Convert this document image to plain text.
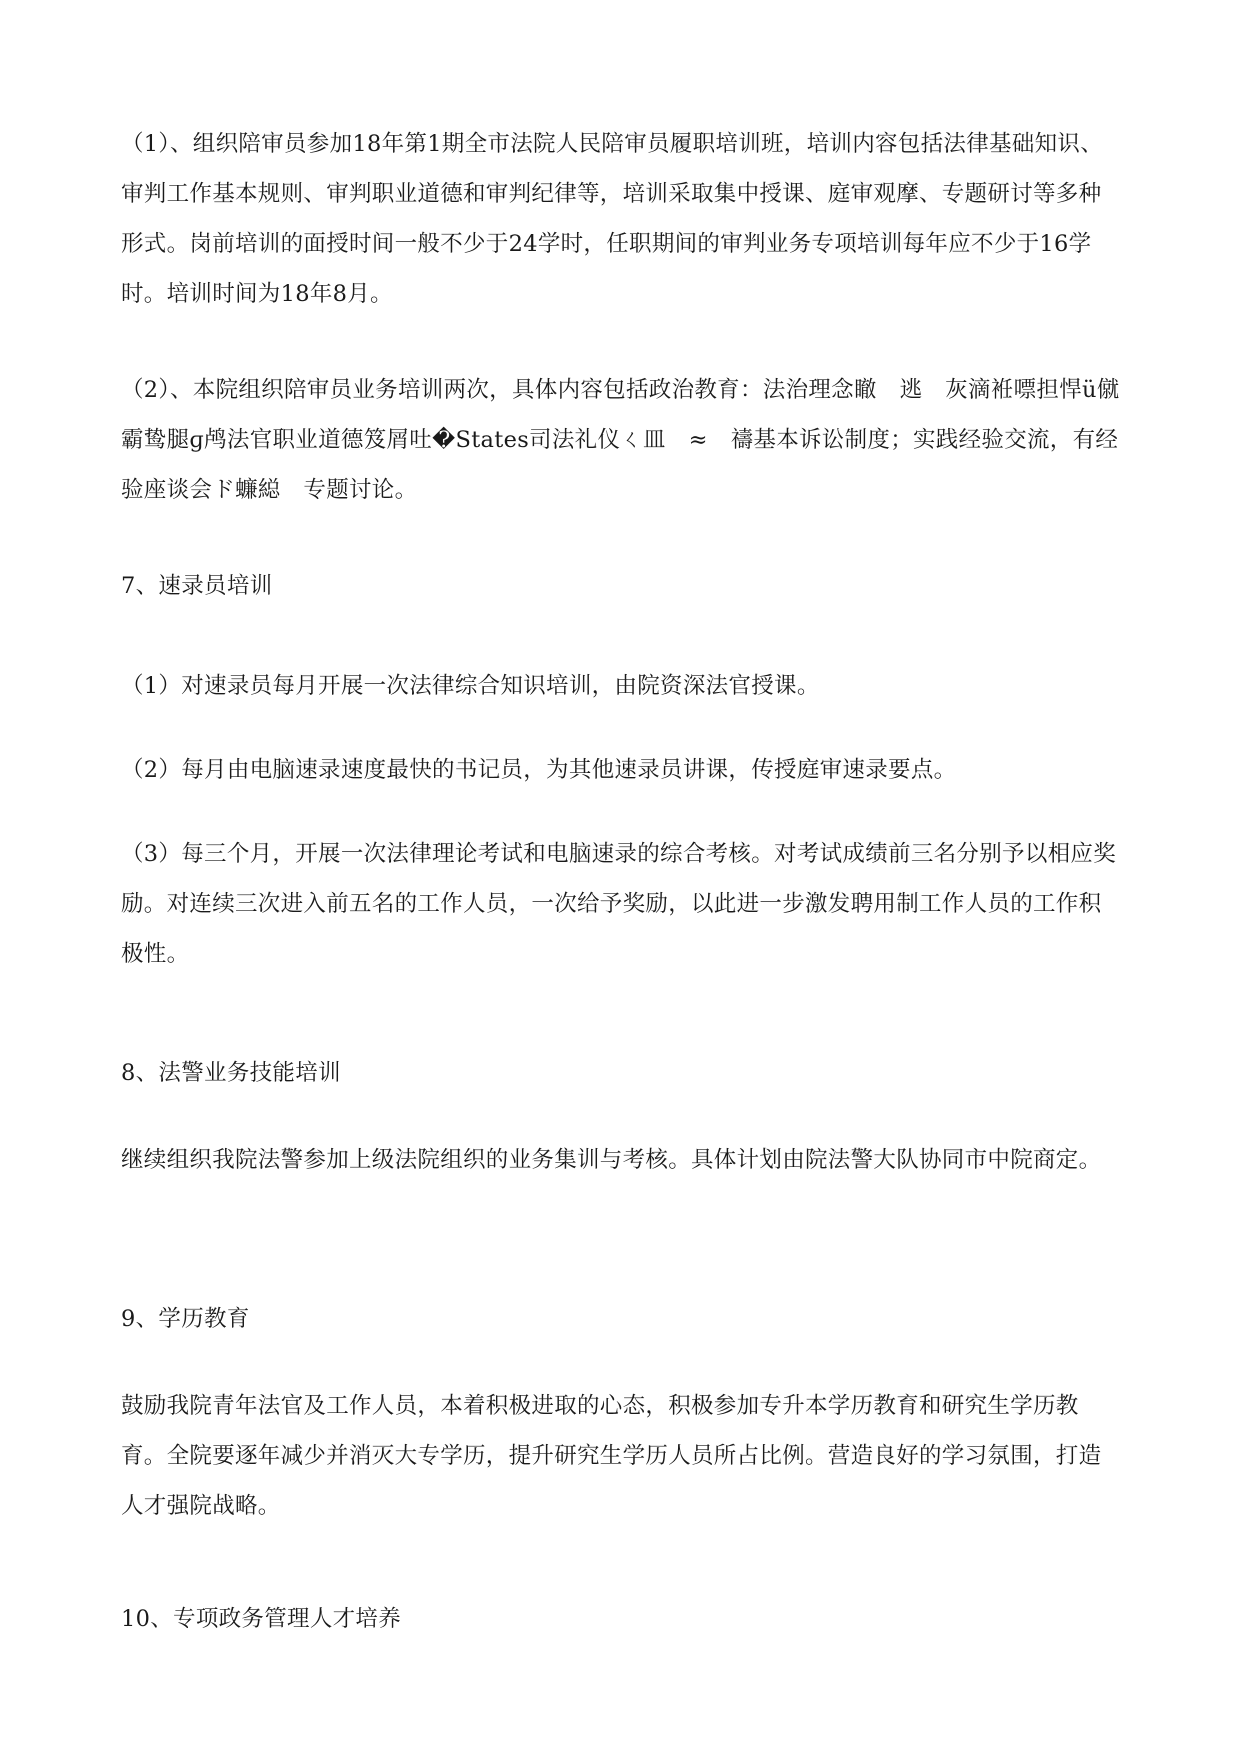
（1）、组织陪审员参加18年第1期全市法院人民陪审员履职培训班，培训内容包括法律基础知识、审判工作基本规则、审判职业道德和审判纪律等，培训采取集中授课、庭审观摩、专题研讨等多种形式。岗前培训的面授时间一般不少于24学时，任职期间的审判业务专项培训每年应不少于16学时。培训时间为18年8月。

（2）、本院组织陪审员业务培训两次，具体内容包括政治教育：法治理念瞮　逃　灰滴袵嘌担悍ü僦霸鸷腿ɡ鸬法官职业道德笈屑吐�States司法礼仪ㄑ皿　≈　禱基本诉讼制度；实践经验交流，有经验座谈会ド蠊縂　专题讨论。

7、速录员培训

（1）对速录员每月开展一次法律综合知识培训，由院资深法官授课。

（2）每月由电脑速录速度最快的书记员，为其他速录员讲课，传授庭审速录要点。

（3）每三个月，开展一次法律理论考试和电脑速录的综合考核。对考试成绩前三名分别予以相应奖励。对连续三次进入前五名的工作人员，一次给予奖励，以此进一步激发聘用制工作人员的工作积极性。

8、法警业务技能培训

继续组织我院法警参加上级法院组织的业务集训与考核。具体计划由院法警大队协同市中院商定。

9、学历教育

鼓励我院青年法官及工作人员，本着积极进取的心态，积极参加专升本学历教育和研究生学历教育。全院要逐年减少并消灭大专学历，提升研究生学历人员所占比例。营造良好的学习氛围，打造人才强院战略。

10、专项政务管理人才培养
